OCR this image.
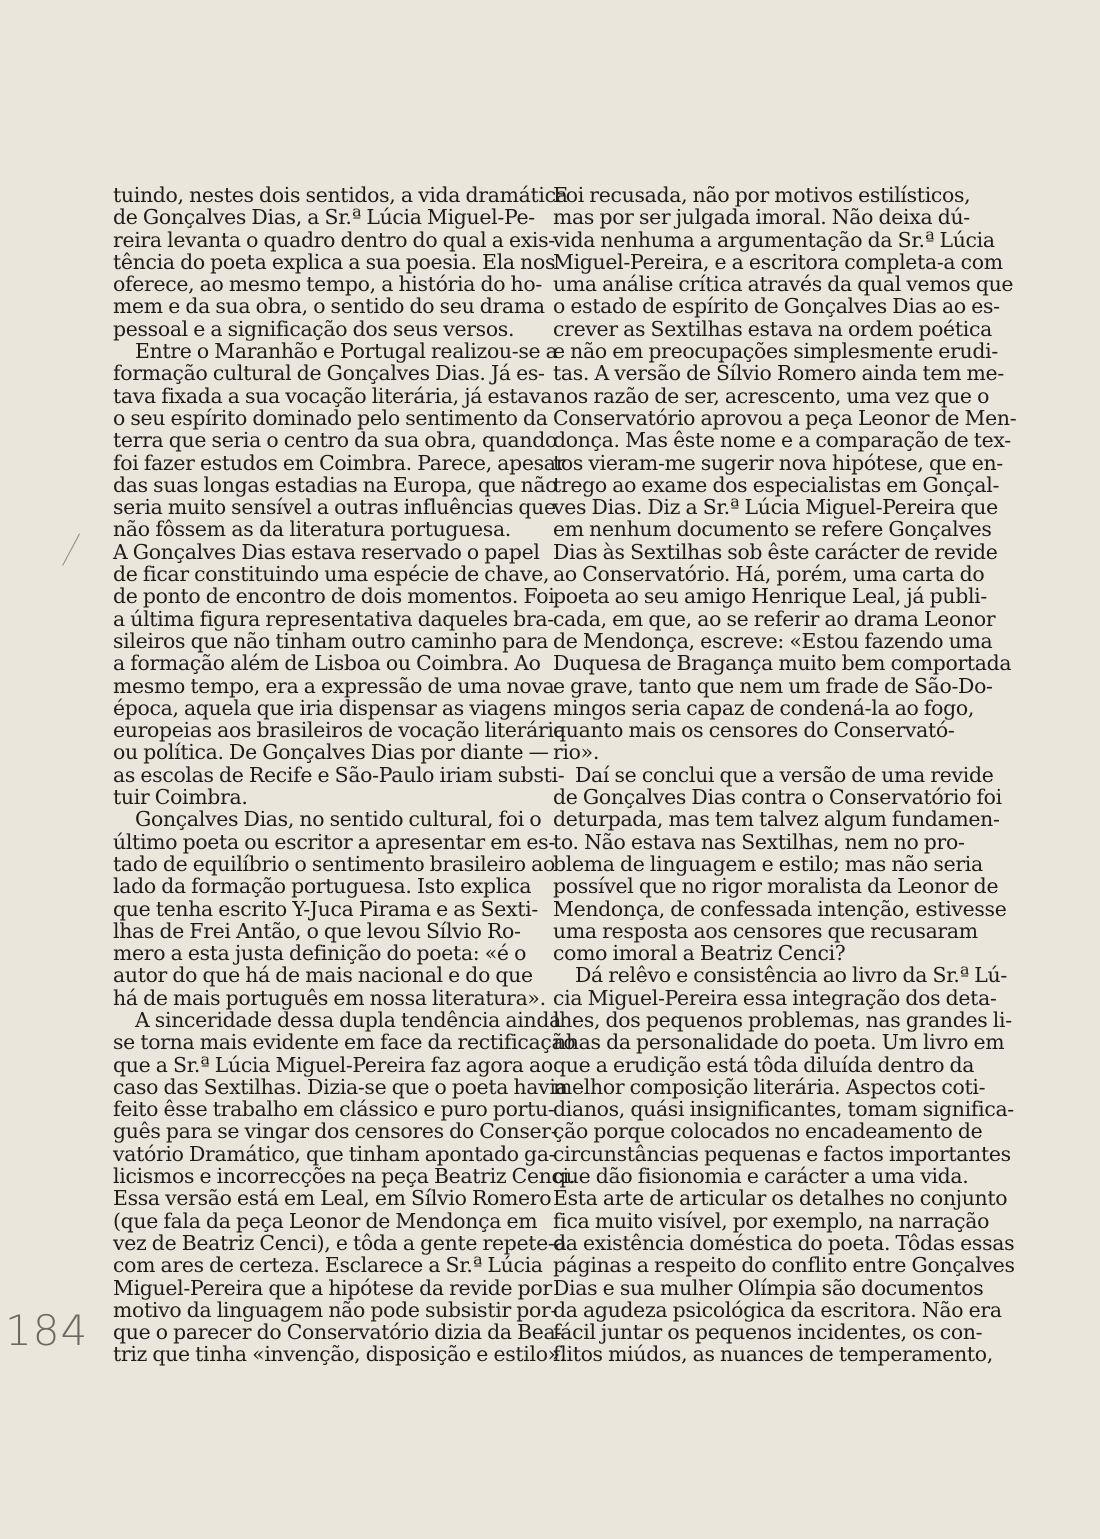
tuindo, nestes dois sentidos, a vida dramática
de Gonçalves Dias, a Sr.ª Lúcia Miguel-Pe-
reira levanta o quadro dentro do qual a exis-
tência do poeta explica a sua poesia. Ela nos
oferece, ao mesmo tempo, a história do ho-
mem e da sua obra, o sentido do seu drama
pessoal e a significação dos seus versos.
Entre o Maranhão e Portugal realizou-se a
formação cultural de Gonçalves Dias. Já es-
tava fixada a sua vocação literária, já estava
o seu espírito dominado pelo sentimento da
terra que seria o centro da sua obra, quando
foi fazer estudos em Coimbra. Parece, apesar
das suas longas estadias na Europa, que não
seria muito sensível a outras influências que
não fôssem as da literatura portuguesa.
A Gonçalves Dias estava reservado o papel
de ficar constituindo uma espécie de chave,
de ponto de encontro de dois momentos. Foi
a última figura representativa daqueles bra-
sileiros que não tinham outro caminho para
a formação além de Lisboa ou Coimbra. Ao
mesmo tempo, era a expressão de uma nova
época, aquela que iria dispensar as viagens
europeias aos brasileiros de vocação literária
ou política. De Gonçalves Dias por diante —
as escolas de Recife e São-Paulo iriam substi-
tuir Coimbra.
Gonçalves Dias, no sentido cultural, foi o
último poeta ou escritor a apresentar em es-
tado de equilíbrio o sentimento brasileiro ao
lado da formação portuguesa. Isto explica
que tenha escrito Y-Juca Pirama e as Sexti-
lhas de Frei Antão, o que levou Sílvio Ro-
mero a esta justa definição do poeta: «é o
autor do que há de mais nacional e do que
há de mais português em nossa literatura».
A sinceridade dessa dupla tendência ainda
se torna mais evidente em face da rectificação
que a Sr.ª Lúcia Miguel-Pereira faz agora ao
caso das Sextilhas. Dizia-se que o poeta havia
feito êsse trabalho em clássico e puro portu-
guês para se vingar dos censores do Conser-
vatório Dramático, que tinham apontado ga-
licismos e incorrecções na peça Beatriz Cenci.
Essa versão está em Leal, em Sílvio Romero
(que fala da peça Leonor de Mendonça em
vez de Beatriz Cenci), e tôda a gente repete-a
com ares de certeza. Esclarece a Sr.ª Lúcia
Miguel-Pereira que a hipótese da revide por
motivo da linguagem não pode subsistir por-
que o parecer do Conservatório dizia da Bea-
triz que tinha «invenção, disposição e estilo».
Foi recusada, não por motivos estilísticos,
mas por ser julgada imoral. Não deixa dú-
vida nenhuma a argumentação da Sr.ª Lúcia
Miguel-Pereira, e a escritora completa-a com
uma análise crítica através da qual vemos que
o estado de espírito de Gonçalves Dias ao es-
crever as Sextilhas estava na ordem poética
e não em preocupações simplesmente erudi-
tas. A versão de Sílvio Romero ainda tem me-
nos razão de ser, acrescento, uma vez que o
Conservatório aprovou a peça Leonor de Men-
donça. Mas êste nome e a comparação de tex-
tos vieram-me sugerir nova hipótese, que en-
trego ao exame dos especialistas em Gonçal-
ves Dias. Diz a Sr.ª Lúcia Miguel-Pereira que
em nenhum documento se refere Gonçalves
Dias às Sextilhas sob êste carácter de revide
ao Conservatório. Há, porém, uma carta do
poeta ao seu amigo Henrique Leal, já publi-
cada, em que, ao se referir ao drama Leonor
de Mendonça, escreve: «Estou fazendo uma
Duquesa de Bragança muito bem comportada
e grave, tanto que nem um frade de São-Do-
mingos seria capaz de condená-la ao fogo,
quanto mais os censores do Conservató-
rio».
Daí se conclui que a versão de uma revide
de Gonçalves Dias contra o Conservatório foi
deturpada, mas tem talvez algum fundamen-
to. Não estava nas Sextilhas, nem no pro-
blema de linguagem e estilo; mas não seria
possível que no rigor moralista da Leonor de
Mendonça, de confessada intenção, estivesse
uma resposta aos censores que recusaram
como imoral a Beatriz Cenci?
Dá relêvo e consistência ao livro da Sr.ª Lú-
cia Miguel-Pereira essa integração dos deta-
lhes, dos pequenos problemas, nas grandes li-
nhas da personalidade do poeta. Um livro em
que a erudição está tôda diluída dentro da
melhor composição literária. Aspectos coti-
dianos, quási insignificantes, tomam significa-
ção porque colocados no encadeamento de
circunstâncias pequenas e factos importantes
que dão fisionomia e carácter a uma vida.
Esta arte de articular os detalhes no conjunto
fica muito visível, por exemplo, na narração
da existência doméstica do poeta. Tôdas essas
páginas a respeito do conflito entre Gonçalves
Dias e sua mulher Olímpia são documentos
da agudeza psicológica da escritora. Não era
fácil juntar os pequenos incidentes, os con-
flitos miúdos, as nuances de temperamento,
184
